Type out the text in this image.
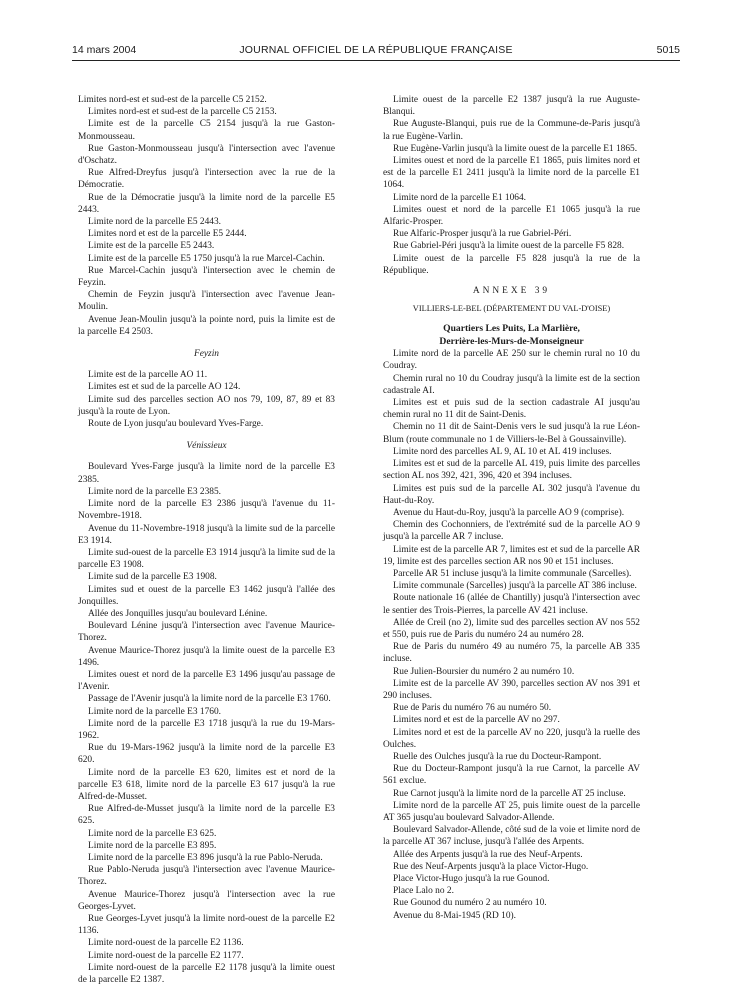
14 mars 2004	JOURNAL OFFICIEL DE LA RÉPUBLIQUE FRANÇAISE	5015

Limites nord-est et sud-est de la parcelle C5 2152.

Limites nord-est et sud-est de la parcelle C5 2153.

Limite est de la parcelle C5 2154 jusqu'à la rue Gaston-Monmousseau.

Rue Gaston-Monmousseau jusqu'à l'intersection avec l'avenue d'Oschatz.

Rue Alfred-Dreyfus jusqu'à l'intersection avec la rue de la Démocratie.

Rue de la Démocratie jusqu'à la limite nord de la parcelle E5 2443.

Limite nord de la parcelle E5 2443.

Limites nord et est de la parcelle E5 2444.

Limite est de la parcelle E5 2443.

Limite est de la parcelle E5 1750 jusqu'à la rue Marcel-Cachin.

Rue Marcel-Cachin jusqu'à l'intersection avec le chemin de Feyzin.

Chemin de Feyzin jusqu'à l'intersection avec l'avenue Jean-Moulin.

Avenue Jean-Moulin jusqu'à la pointe nord, puis la limite est de la parcelle E4 2503.

Feyzin

Limite est de la parcelle AO 11.

Limites est et sud de la parcelle AO 124.

Limite sud des parcelles section AO nos 79, 109, 87, 89 et 83 jusqu'à la route de Lyon.

Route de Lyon jusqu'au boulevard Yves-Farge.

Vénissieux

Boulevard Yves-Farge jusqu'à la limite nord de la parcelle E3 2385.

Limite nord de la parcelle E3 2385.

Limite nord de la parcelle E3 2386 jusqu'à l'avenue du 11-Novembre-1918.

Avenue du 11-Novembre-1918 jusqu'à la limite sud de la parcelle E3 1914.

Limite sud-ouest de la parcelle E3 1914 jusqu'à la limite sud de la parcelle E3 1908.

Limite sud de la parcelle E3 1908.

Limites sud et ouest de la parcelle E3 1462 jusqu'à l'allée des Jonquilles.

Allée des Jonquilles jusqu'au boulevard Lénine.

Boulevard Lénine jusqu'à l'intersection avec l'avenue Maurice-Thorez.

Avenue Maurice-Thorez jusqu'à la limite ouest de la parcelle E3 1496.

Limites ouest et nord de la parcelle E3 1496 jusqu'au passage de l'Avenir.

Passage de l'Avenir jusqu'à la limite nord de la parcelle E3 1760.

Limite nord de la parcelle E3 1760.

Limite nord de la parcelle E3 1718 jusqu'à la rue du 19-Mars-1962.

Rue du 19-Mars-1962 jusqu'à la limite nord de la parcelle E3 620.

Limite nord de la parcelle E3 620, limites est et nord de la parcelle E3 618, limite nord de la parcelle E3 617 jusqu'à la rue Alfred-de-Musset.

Rue Alfred-de-Musset jusqu'à la limite nord de la parcelle E3 625.

Limite nord de la parcelle E3 625.

Limite nord de la parcelle E3 895.

Limite nord de la parcelle E3 896 jusqu'à la rue Pablo-Neruda.

Rue Pablo-Neruda jusqu'à l'intersection avec l'avenue Maurice-Thorez.

Avenue Maurice-Thorez jusqu'à l'intersection avec la rue Georges-Lyvet.

Rue Georges-Lyvet jusqu'à la limite nord-ouest de la parcelle E2 1136.

Limite nord-ouest de la parcelle E2 1136.

Limite nord-ouest de la parcelle E2 1177.

Limite nord-ouest de la parcelle E2 1178 jusqu'à la limite ouest de la parcelle E2 1387.

Limite ouest de la parcelle E2 1387 jusqu'à la rue Auguste-Blanqui.

Rue Auguste-Blanqui, puis rue de la Commune-de-Paris jusqu'à la rue Eugène-Varlin.

Rue Eugène-Varlin jusqu'à la limite ouest de la parcelle E1 1865.

Limites ouest et nord de la parcelle E1 1865, puis limites nord et est de la parcelle E1 2411 jusqu'à la limite nord de la parcelle E1 1064.

Limite nord de la parcelle E1 1064.

Limites ouest et nord de la parcelle E1 1065 jusqu'à la rue Alfaric-Prosper.

Rue Alfaric-Prosper jusqu'à la rue Gabriel-Péri.

Rue Gabriel-Péri jusqu'à la limite ouest de la parcelle F5 828.

Limite ouest de la parcelle F5 828 jusqu'à la rue de la République.

ANNEXE 39

VILLIERS-LE-BEL (DÉPARTEMENT DU VAL-D'OISE)

Quartiers Les Puits, La Marlière,

Derrière-les-Murs-de-Monseigneur

Limite nord de la parcelle AE 250 sur le chemin rural no 10 du Coudray.

Chemin rural no 10 du Coudray jusqu'à la limite est de la section cadastrale AI.

Limites est et puis sud de la section cadastrale AI jusqu'au chemin rural no 11 dit de Saint-Denis.

Chemin no 11 dit de Saint-Denis vers le sud jusqu'à la rue Léon-Blum (route communale no 1 de Villiers-le-Bel à Goussainville).

Limite nord des parcelles AL 9, AL 10 et AL 419 incluses.

Limites est et sud de la parcelle AL 419, puis limite des parcelles section AL nos 392, 421, 396, 420 et 394 incluses.

Limites est puis sud de la parcelle AL 302 jusqu'à l'avenue du Haut-du-Roy.

Avenue du Haut-du-Roy, jusqu'à la parcelle AO 9 (comprise).

Chemin des Cochonniers, de l'extrémité sud de la parcelle AO 9 jusqu'à la parcelle AR 7 incluse.

Limite est de la parcelle AR 7, limites est et sud de la parcelle AR 19, limite est des parcelles section AR nos 90 et 151 incluses.

Parcelle AR 51 incluse jusqu'à la limite communale (Sarcelles).

Limite communale (Sarcelles) jusqu'à la parcelle AT 386 incluse.

Route nationale 16 (allée de Chantilly) jusqu'à l'intersection avec le sentier des Trois-Pierres, la parcelle AV 421 incluse.

Allée de Creil (no 2), limite sud des parcelles section AV nos 552 et 550, puis rue de Paris du numéro 24 au numéro 28.

Rue de Paris du numéro 49 au numéro 75, la parcelle AB 335 incluse.

Rue Julien-Boursier du numéro 2 au numéro 10.

Limite est de la parcelle AV 390, parcelles section AV nos 391 et 290 incluses.

Rue de Paris du numéro 76 au numéro 50.

Limites nord et est de la parcelle AV no 297.

Limites nord et est de la parcelle AV no 220, jusqu'à la ruelle des Oulches.

Ruelle des Oulches jusqu'à la rue du Docteur-Rampont.

Rue du Docteur-Rampont jusqu'à la rue Carnot, la parcelle AV 561 exclue.

Rue Carnot jusqu'à la limite nord de la parcelle AT 25 incluse.

Limite nord de la parcelle AT 25, puis limite ouest de la parcelle AT 365 jusqu'au boulevard Salvador-Allende.

Boulevard Salvador-Allende, côté sud de la voie et limite nord de la parcelle AT 367 incluse, jusqu'à l'allée des Arpents.

Allée des Arpents jusqu'à la rue des Neuf-Arpents.

Rue des Neuf-Arpents jusqu'à la place Victor-Hugo.

Place Victor-Hugo jusqu'à la rue Gounod.

Place Lalo no 2.

Rue Gounod du numéro 2 au numéro 10.

Avenue du 8-Mai-1945 (RD 10).
